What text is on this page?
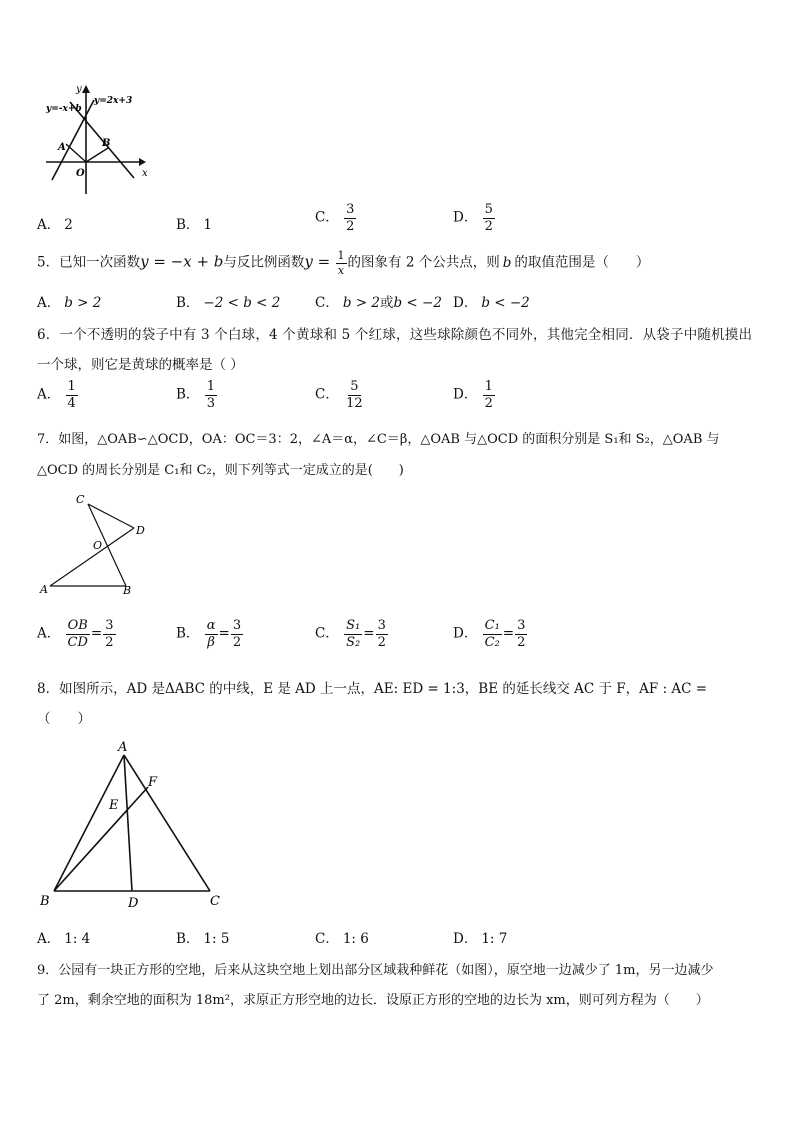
y
x
y=-x+b
y=2x+3
A	B
O
A． 2	B． 1	C． $\frac{3}{2}$	D． $\frac{5}{2}$
5．已知一次函数y = −x + b与反比例函数$y = \frac{1}{x}$ 的图象有 2 个公共点，则 b 的取值范围是（　　）
A． b > 2	B． −2 < b < 2	C． b > 2或b < −2 D． b < −2
6．一个不透明的袋子中有 3 个白球，4 个黄球和 5 个红球，这些球除颜色不同外，其他完全相同．从袋子中随机摸出
一个球，则它是黄球的概率是（ ）
A． $\frac{1}{4}$	B． $\frac{1}{3}$	C． $\frac{5}{12}$	D． $\frac{1}{2}$
7．如图，△OAB∽△OCD，OA：OC＝3：2，∠A＝α，∠C＝β，△OAB 与△OCD 的面积分别是 S₁和 S₂，△OAB 与
△OCD 的周长分别是 C₁和 C₂，则下列等式一定成立的是(　　)
C
D
O
A	B
A． $\frac{OB}{CD} = \frac{3}{2}$	B． $\frac{\alpha}{\beta} = \frac{3}{2}$	C． $\frac{\text{S₁}}{\text{S₂}} = \frac{3}{2}$	D． $\frac{\text{C₁}}{\text{C₂}} = \frac{3}{2}$
8．如图所示，AD 是ΔABC 的中线，E 是 AD 上一点，AE: ED = 1:3，BE 的延长线交 AC 于 F，AF : AC =
（　　）
A
F
E
B	D	C
A． 1: 4	B． 1: 5	C． 1: 6	D． 1: 7
9．公园有一块正方形的空地，后来从这块空地上划出部分区域栽种鲜花（如图），原空地一边减少了 1m，另一边减少
了 2m，剩余空地的面积为 18m²，求原正方形空地的边长．设原正方形的空地的边长为 xm，则可列方程为（　　）
